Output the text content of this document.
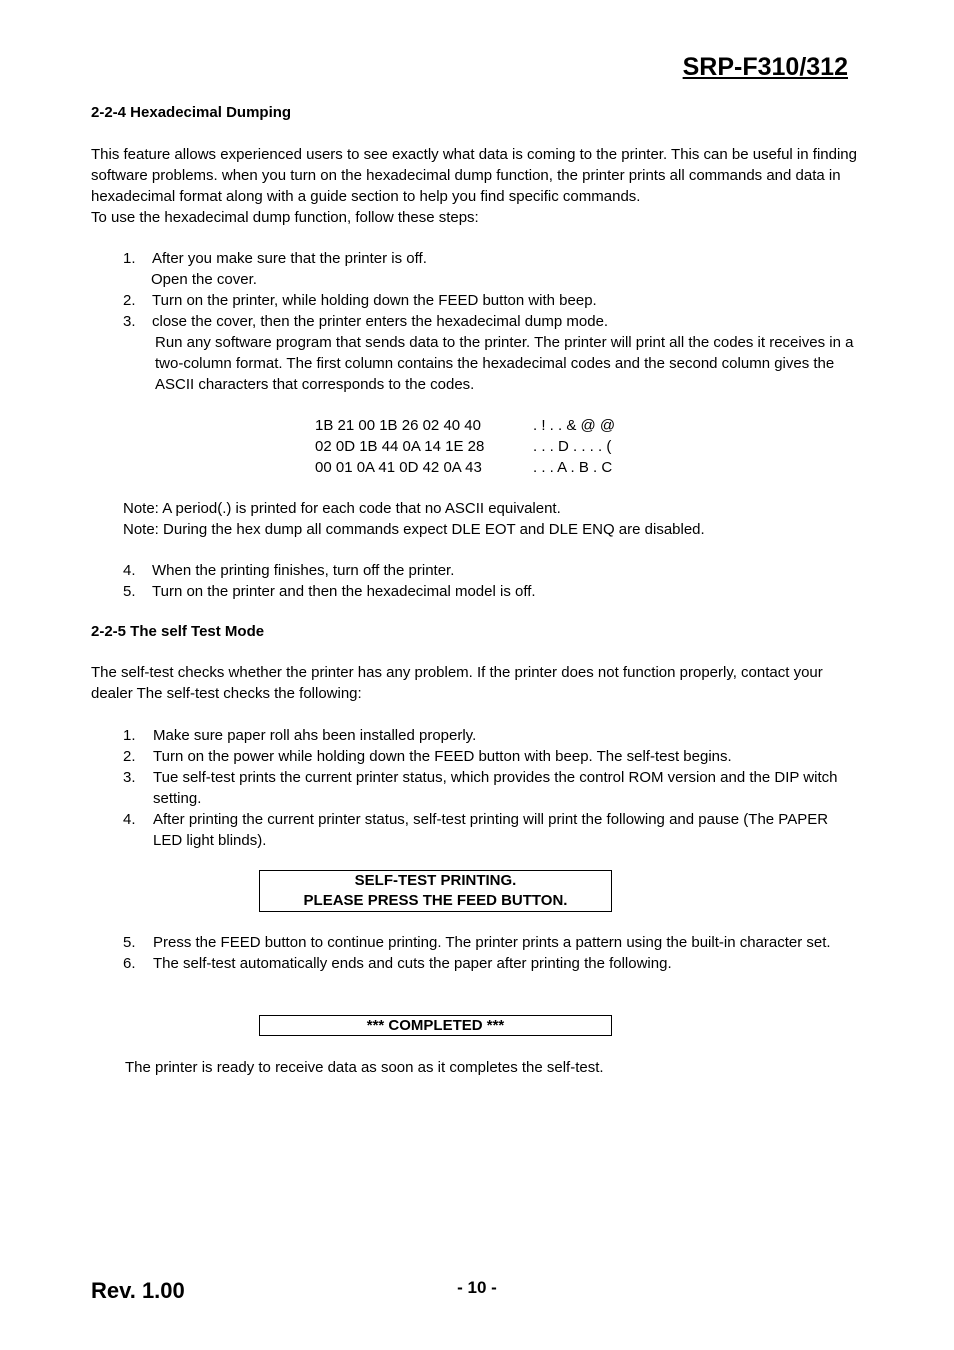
SRP-F310/312
2-2-4 Hexadecimal Dumping

This feature allows experienced users to see exactly what data is coming to the printer. This can be useful in finding software problems. when you turn on the hexadecimal dump function, the printer prints all commands and data in hexadecimal format along with a guide section to help you find specific commands.

To use the hexadecimal dump function, follow these steps:

1.	After you make sure that the printer is off.
Open the cover.
2.	Turn on the printer, while holding down the FEED button with beep.
3.	close the cover, then the printer enters the hexadecimal dump mode.
Run any software program that sends data to the printer. The printer will print all the codes it receives in a two-column format. The first column contains the hexadecimal codes and the second column gives the ASCII characters that corresponds to the codes.
1B 21 00 1B 26 02 40 40	. ! . . & @ @
02 0D 1B 44 0A 14 1E 28	. . . D . . . . (
00 01 0A 41 0D 42 0A 43	. . . A . B . C

Note: A period(.) is printed for each code that no ASCII equivalent.

Note: During the hex dump all commands expect DLE EOT and DLE ENQ are disabled.

4.	When the printing finishes, turn off the printer.
5.	Turn on the printer and then the hexadecimal model is off.
2-2-5 The self Test Mode

The self-test checks whether the printer has any problem. If the printer does not function properly, contact your dealer The self-test checks the following:

1.	Make sure paper roll ahs been installed properly.
2.	Turn on the power while holding down the FEED button with beep. The self-test begins.
3.	Tue self-test prints the current printer status, which provides the control ROM version and the DIP witch setting.
4.	After printing the current printer status, self-test printing will print the following and pause (The PAPER LED light blinds).
SELF-TEST PRINTING.
PLEASE PRESS THE FEED BUTTON.
5.	Press the FEED button to continue printing. The printer prints a pattern using the built-in character set.
6.	The self-test automatically ends and cuts the paper after printing the following.
*** COMPLETED ***
The printer is ready to receive data as soon as it completes the self-test.
- 10 -
Rev. 1.00
